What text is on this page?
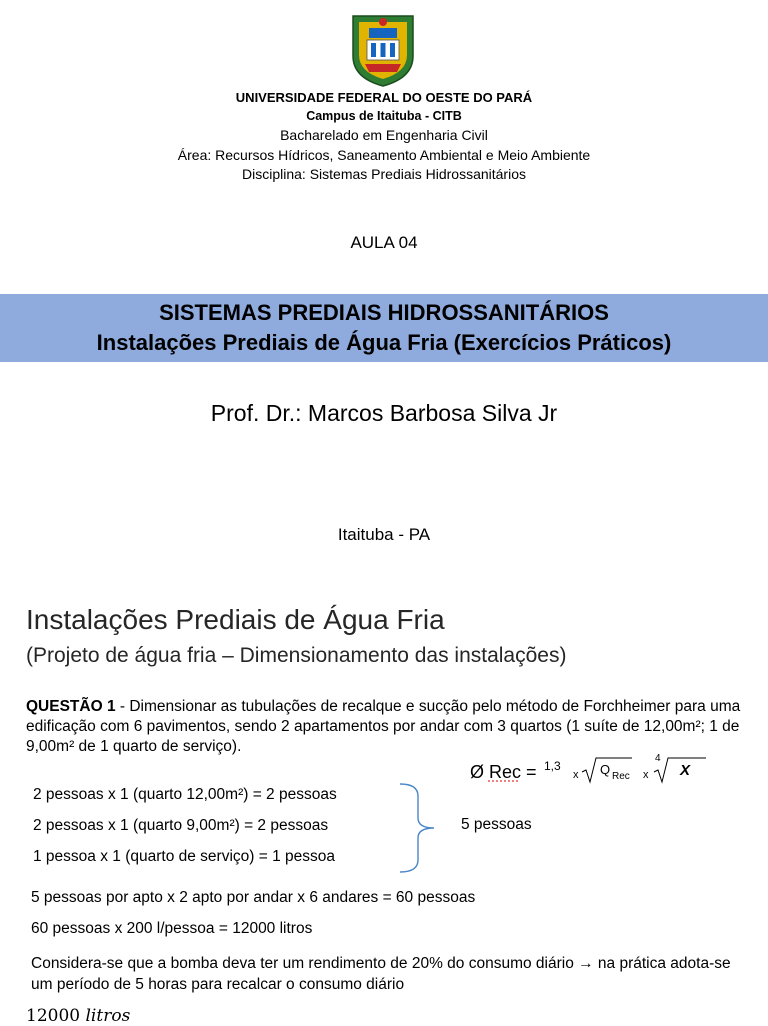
UNIVERSIDADE FEDERAL DO OESTE DO PARÁ
Campus de Itaituba - CITB
Bacharelado em Engenharia Civil
Área: Recursos Hídricos, Saneamento Ambiental e Meio Ambiente
Disciplina: Sistemas Prediais Hidrossanitários
AULA 04
SISTEMAS PREDIAIS HIDROSSANITÁRIOS
Instalações Prediais de Água Fria (Exercícios Práticos)
Prof. Dr.: Marcos Barbosa Silva Jr
Itaituba - PA
Instalações Prediais de Água Fria
(Projeto de água fria – Dimensionamento das instalações)
QUESTÃO 1 - Dimensionar as tubulações de recalque e sucção pelo método de Forchheimer para uma edificação com 6 pavimentos, sendo 2 apartamentos por andar com 3 quartos (1 suíte de 12,00m²; 1 de 9,00m² de 1 quarto de serviço).
Ø Rec = 1,3
x Q Rec x
4
X
2 pessoas x 1 (quarto 12,00m²) = 2 pessoas
2 pessoas x 1 (quarto 9,00m²) = 2 pessoas
1 pessoa x 1 (quarto de serviço) = 1 pessoa
5 pessoas
5 pessoas por apto x 2 apto por andar x 6 andares = 60 pessoas
60 pessoas x 200 l/pessoa = 12000 litros
Considera-se que a bomba deva ter um rendimento de 20% do consumo diário → na prática adota-se um período de 5 horas para recalcar o consumo diário
12000 litros
